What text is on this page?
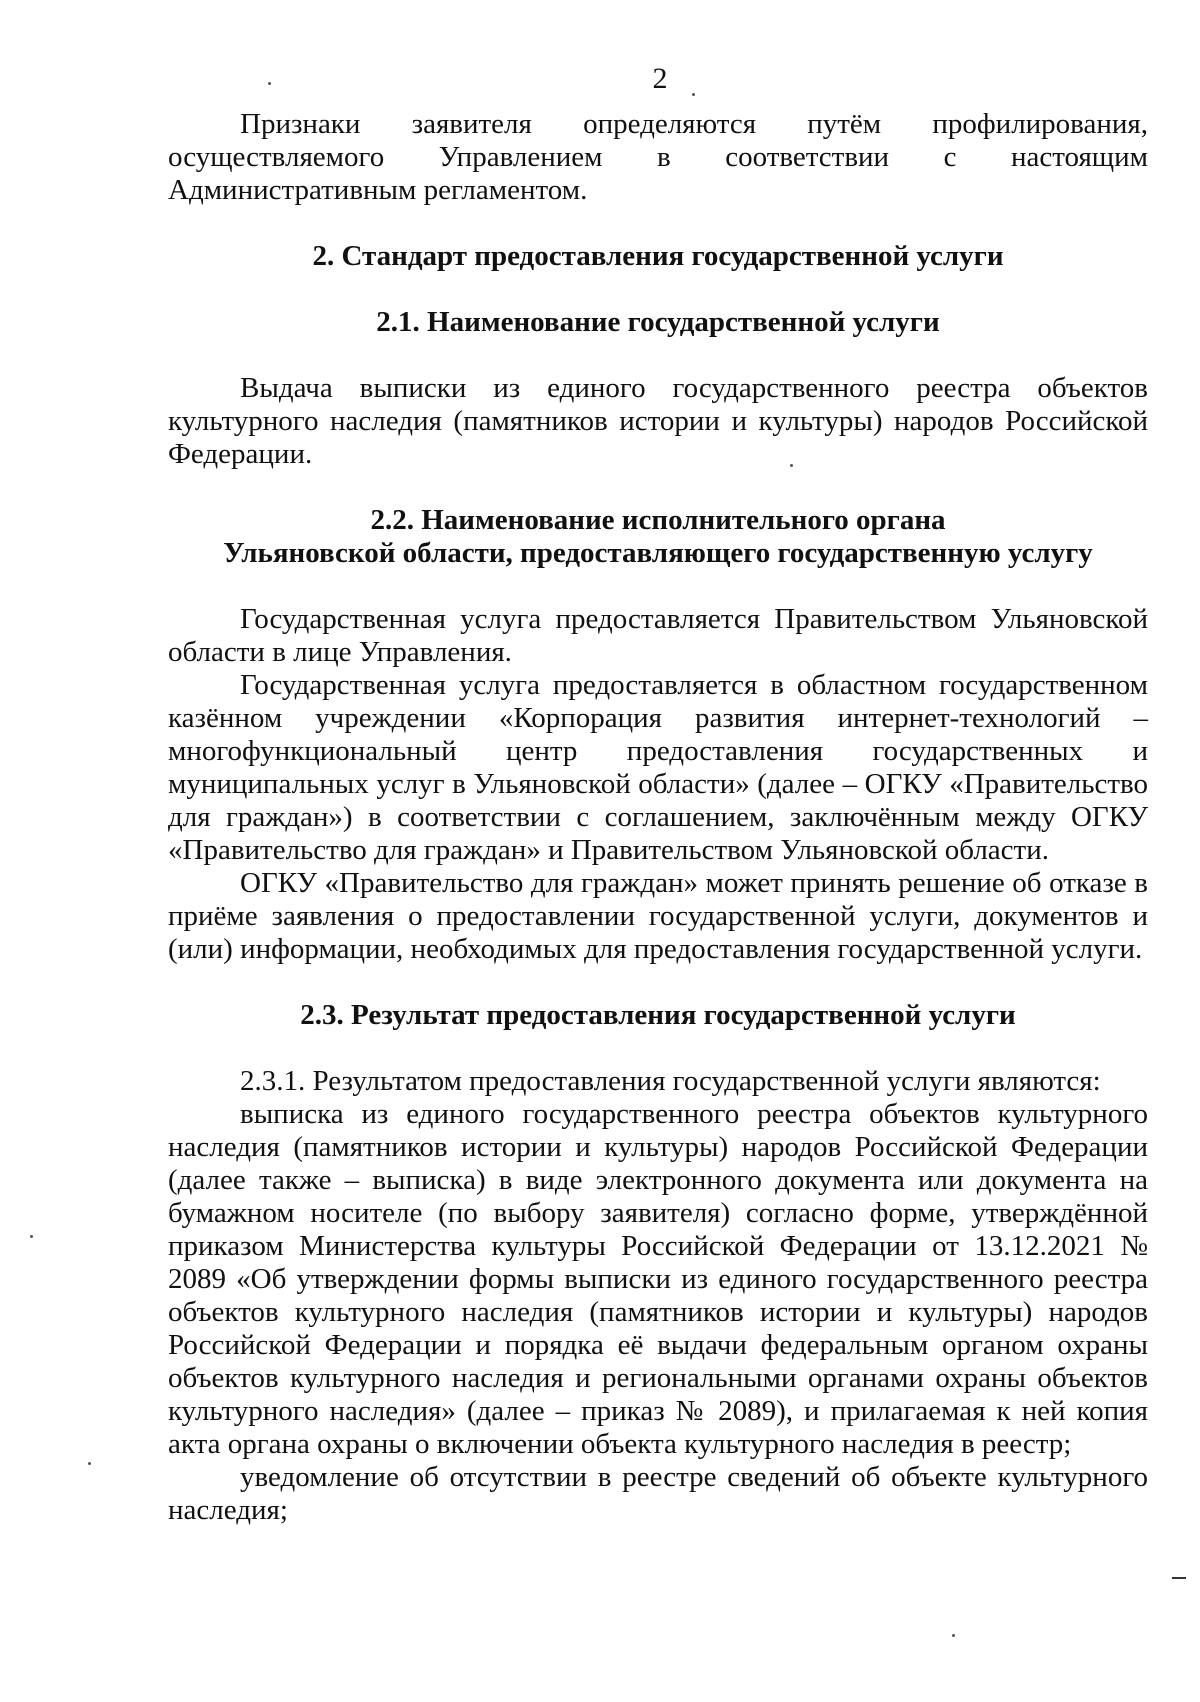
2

Признаки заявителя определяются путём профилирования, осуществляемого Управлением в соответствии с настоящим Административным регламентом.

2. Стандарт предоставления государственной услуги
2.1. Наименование государственной услуги

Выдача выписки из единого государственного реестра объектов культурного наследия (памятников истории и культуры) народов Российской Федерации.

2.2. Наименование исполнительного органа
Ульяновской области, предоставляющего государственную услугу

Государственная услуга предоставляется Правительством Ульяновской области в лице Управления.

Государственная услуга предоставляется в областном государственном казённом учреждении «Корпорация развития интернет-технологий – многофункциональный центр предоставления государственных и муниципальных услуг в Ульяновской области» (далее – ОГКУ «Правительство для граждан») в соответствии с соглашением, заключённым между ОГКУ «Правительство для граждан» и Правительством Ульяновской области.

ОГКУ «Правительство для граждан» может принять решение об отказе в приёме заявления о предоставлении государственной услуги, документов и (или) информации, необходимых для предоставления государственной услуги.

2.3. Результат предоставления государственной услуги

2.3.1. Результатом предоставления государственной услуги являются:

выписка из единого государственного реестра объектов культурного наследия (памятников истории и культуры) народов Российской Федерации (далее также – выписка) в виде электронного документа или документа на бумажном носителе (по выбору заявителя) согласно форме, утверждённой приказом Министерства культуры Российской Федерации от 13.12.2021 № 2089 «Об утверждении формы выписки из единого государственного реестра объектов культурного наследия (памятников истории и культуры) народов Российской Федерации и порядка её выдачи федеральным органом охраны объектов культурного наследия и региональными органами охраны объектов культурного наследия» (далее – приказ № 2089), и прилагаемая к ней копия акта органа охраны о включении объекта культурного наследия в реестр;

уведомление об отсутствии в реестре сведений об объекте культурного наследия;
